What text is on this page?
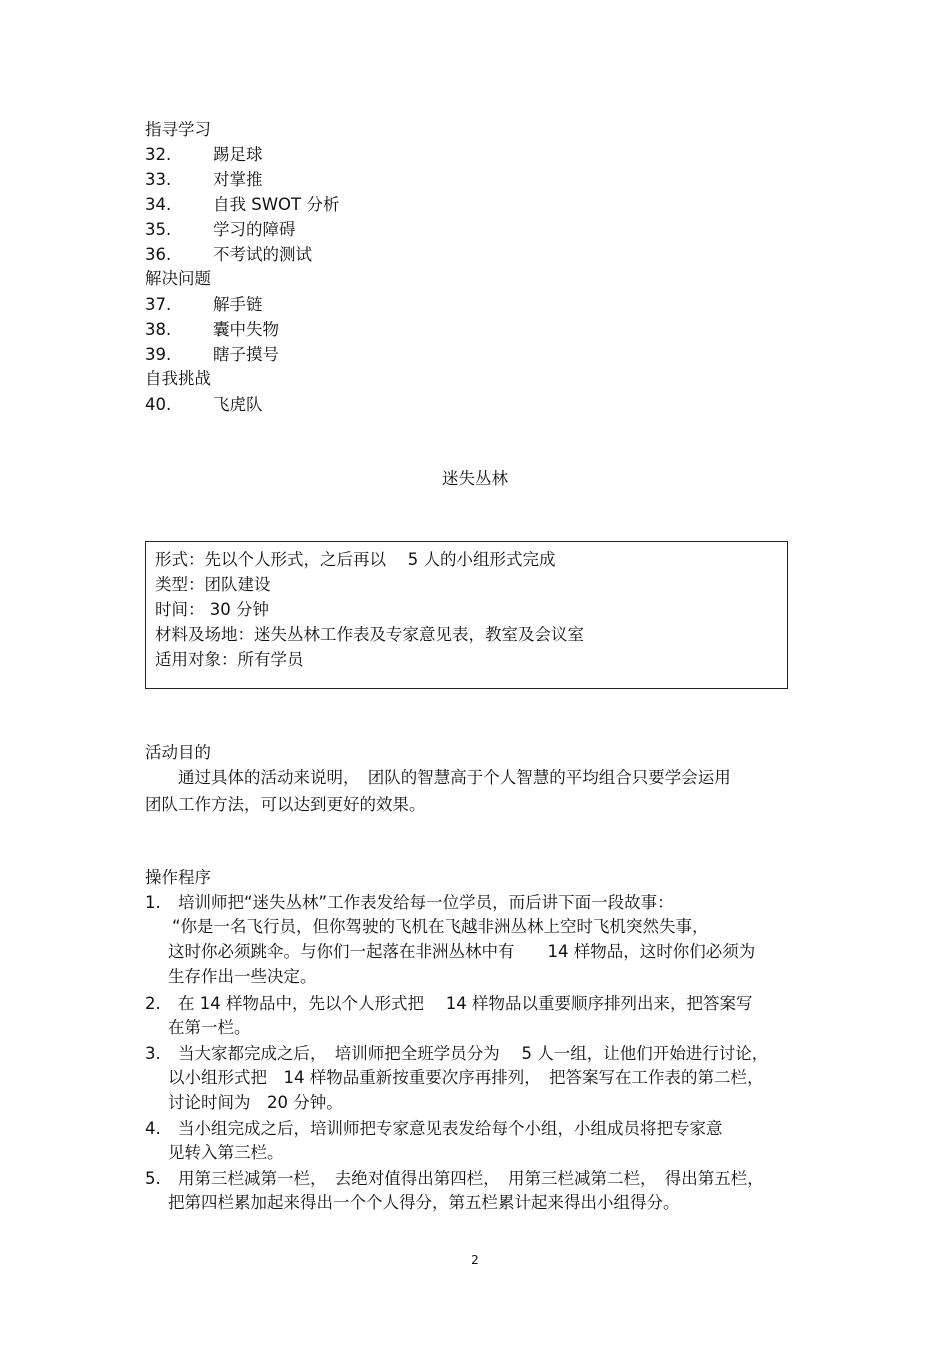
指寻学习
32.	踢足球
33.	对掌推
34.	自我 SWOT 分析
35.	学习的障碍
36.	不考试的测试
解决问题
37.	解手链
38.	囊中失物
39.	瞎子摸号
自我挑战
40.	飞虎队
迷失丛林
形式：先以个人形式，之后再以　 5 人的小组形式完成
类型：团队建设
时间： 30 分钟
材料及场地：迷失丛林工作表及专家意见表，教室及会议室
适用对象：所有学员
活动目的
通过具体的活动来说明，　团队的智慧高于个人智慧的平均组合只要学会运用
团队工作方法，可以达到更好的效果。
操作程序
1. 培训师把“迷失丛林”工作表发给每一位学员，而后讲下面一段故事：
“你是一名飞行员，但你驾驶的飞机在飞越非洲丛林上空时飞机突然失事，
这时你必须跳伞。与你们一起落在非洲丛林中有　　14 样物品，这时你们必须为
生存作出一些决定。
2. 在 14 样物品中，先以个人形式把　 14 样物品以重要顺序排列出来，把答案写
在第一栏。
3. 当大家都完成之后，　培训师把全班学员分为　 5 人一组，让他们开始进行讨论，
以小组形式把　14 样物品重新按重要次序再排列，　把答案写在工作表的第二栏，
讨论时间为　20 分钟。
4. 当小组完成之后，培训师把专家意见表发给每个小组，小组成员将把专家意
见转入第三栏。
5. 用第三栏减第一栏，　去绝对值得出第四栏，　用第三栏减第二栏，　得出第五栏，
把第四栏累加起来得出一个个人得分，第五栏累计起来得出小组得分。
2
